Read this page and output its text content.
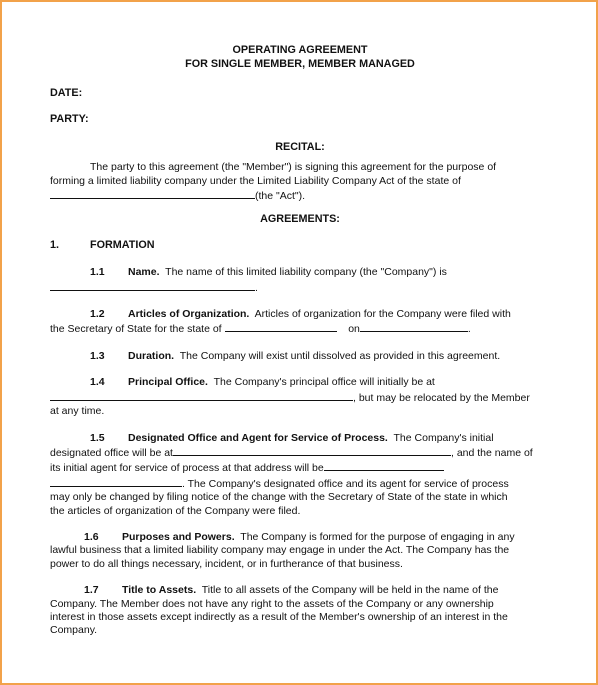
OPERATING AGREEMENT

FOR SINGLE MEMBER, MEMBER MANAGED

DATE:

PARTY:

RECITAL:

The party to this agreement (the "Member") is signing this agreement for the purpose of

forming a limited liability company under the Limited Liability Company Act of the state of

(the "Act").

AGREEMENTS:

1.	FORMATION

1.1 Name. The name of this limited liability company (the "Company") is

.

1.2 Articles of Organization. Articles of organization for the Company were filed with

the Secretary of State for the state of	on	.

1.3 Duration. The Company will exist until dissolved as provided in this agreement.

1.4 Principal Office. The Company's principal office will initially be at

, but may be relocated by the Member

at any time.

1.5 Designated Office and Agent for Service of Process. The Company's initial

designated office will be at	, and the name of

its initial agent for service of process at that address will be

. The Company's designated office and its agent for service of process

may only be changed by filing notice of the change with the Secretary of State of the state in which

the articles of organization of the Company were filed.

1.6 Purposes and Powers. The Company is formed for the purpose of engaging in any

lawful business that a limited liability company may engage in under the Act. The Company has the

power to do all things necessary, incident, or in furtherance of that business.

1.7 Title to Assets. Title to all assets of the Company will be held in the name of the

Company. The Member does not have any right to the assets of the Company or any ownership

interest in those assets except indirectly as a result of the Member's ownership of an interest in the

Company.
